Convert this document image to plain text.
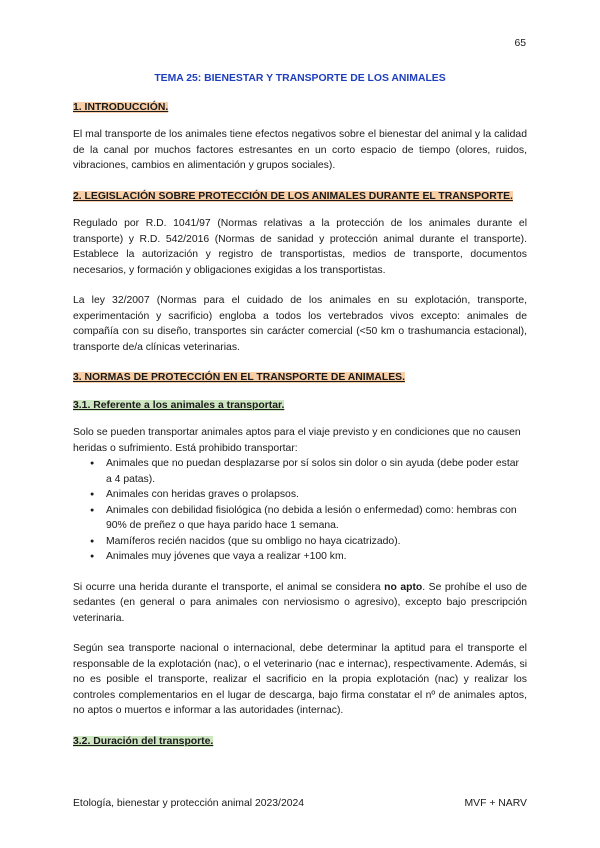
65
TEMA 25: BIENESTAR Y TRANSPORTE DE LOS ANIMALES
1. INTRODUCCIÓN.

El mal transporte de los animales tiene efectos negativos sobre el bienestar del animal y la calidad de la canal por muchos factores estresantes en un corto espacio de tiempo (olores, ruidos, vibraciones, cambios en alimentación y grupos sociales).

2. LEGISLACIÓN SOBRE PROTECCIÓN DE LOS ANIMALES DURANTE EL TRANSPORTE.

Regulado por R.D. 1041/97 (Normas relativas a la protección de los animales durante el transporte) y R.D. 542/2016 (Normas de sanidad y protección animal durante el transporte). Establece la autorización y registro de transportistas, medios de transporte, documentos necesarios, y formación y obligaciones exigidas a los transportistas.

La ley 32/2007 (Normas para el cuidado de los animales en su explotación, transporte, experimentación y sacrificio) engloba a todos los vertebrados vivos excepto: animales de compañía con su diseño, transportes sin carácter comercial (<50 km o trashumancia estacional), transporte de/a clínicas veterinarias.

3. NORMAS DE PROTECCIÓN EN EL TRANSPORTE DE ANIMALES.
3.1. Referente a los animales a transportar.

Solo se pueden transportar animales aptos para el viaje previsto y en condiciones que no causen heridas o sufrimiento. Está prohibido transportar:

● Animales que no puedan desplazarse por sí solos sin dolor o sin ayuda (debe poder estar a 4 patas).
● Animales con heridas graves o prolapsos.
● Animales con debilidad fisiológica (no debida a lesión o enfermedad) como: hembras con 90% de preñez o que haya parido hace 1 semana.
● Mamíferos recién nacidos (que su ombligo no haya cicatrizado).
● Animales muy jóvenes que vaya a realizar +100 km.

Si ocurre una herida durante el transporte, el animal se considera no apto. Se prohíbe el uso de sedantes (en general o para animales con nerviosismo o agresivo), excepto bajo prescripción veterinaria.

Según sea transporte nacional o internacional, debe determinar la aptitud para el transporte el responsable de la explotación (nac), o el veterinario (nac e internac), respectivamente. Además, si no es posible el transporte, realizar el sacrificio en la propia explotación (nac) y realizar los controles complementarios en el lugar de descarga, bajo firma constatar el nº de animales aptos, no aptos o muertos e informar a las autoridades (internac).

3.2. Duración del transporte.
Etología, bienestar y protección animal 2023/2024	MVF + NARV
